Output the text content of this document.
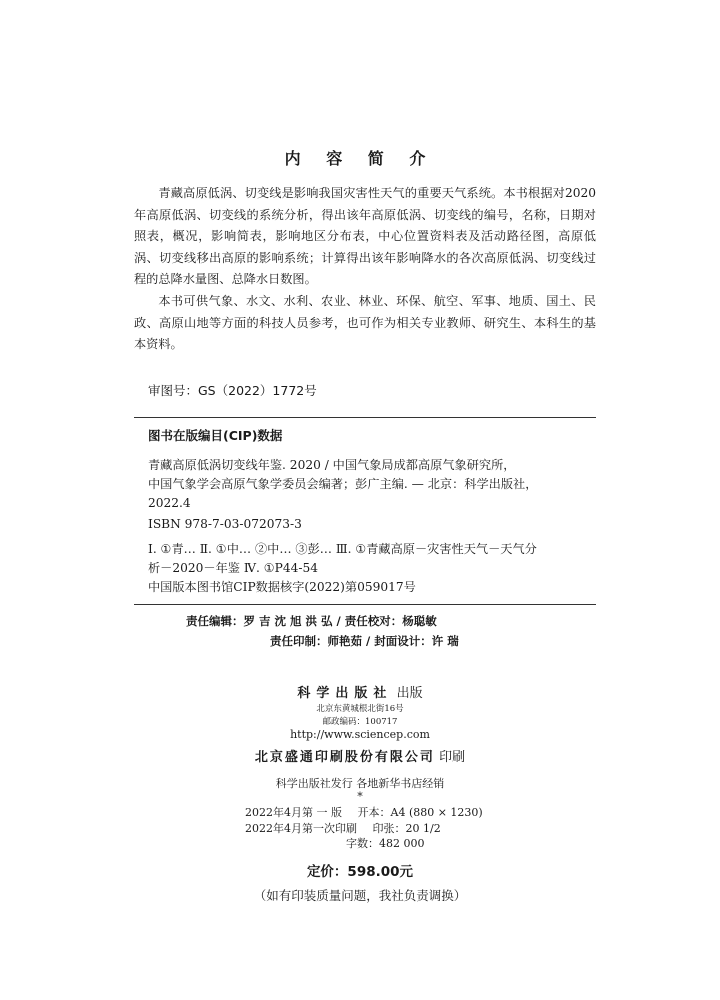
内 容 简 介

青藏高原低涡、切变线是影响我国灾害性天气的重要天气系统。本书根据对2020年高原低涡、切变线的系统分析，得出该年高原低涡、切变线的编号，名称，日期对照表，概况，影响简表，影响地区分布表，中心位置资料表及活动路径图，高原低涡、切变线移出高原的影响系统；计算得出该年影响降水的各次高原低涡、切变线过程的总降水量图、总降水日数图。

本书可供气象、水文、水利、农业、林业、环保、航空、军事、地质、国土、民政、高原山地等方面的科技人员参考，也可作为相关专业教师、研究生、本科生的基本资料。

审图号：GS（2022）1772号
图书在版编目(CIP)数据
青藏高原低涡切变线年鉴. 2020 / 中国气象局成都高原气象研究所，
中国气象学会高原气象学委员会编著；彭广主编. — 北京：科学出版社，
2022.4
ISBN 978-7-03-072073-3
Ⅰ. ①青… Ⅱ. ①中… ②中… ③彭… Ⅲ. ①青藏高原－灾害性天气－天气分
析－2020－年鉴 Ⅳ. ①P44-54
中国版本图书馆CIP数据核字(2022)第059017号
责任编辑：罗 吉 沈 旭 洪 弘 / 责任校对：杨聪敏
责任印制：师艳茹 / 封面设计：许 瑞
科学出版社 出版
北京东黄城根北街16号
邮政编码：100717
http://www.sciencep.com
北京盛通印刷股份有限公司 印刷
科学出版社发行 各地新华书店经销
*
2022年4月第 一 版 开本：A4 (880 × 1230)
2022年4月第一次印刷 印张：20 1/2
字数：482 000
定价：598.00元
（如有印装质量问题，我社负责调换）
